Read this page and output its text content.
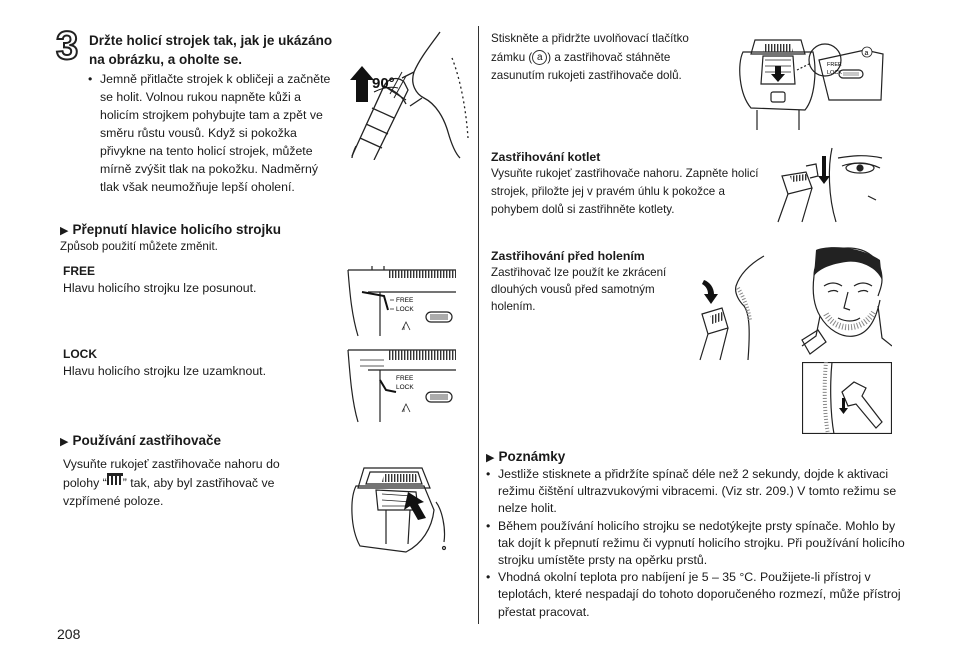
3 Držte holicí strojek tak, jak je ukázáno na obrázku, a oholte se.
• Jemně přitlačte strojek k obličeji a začněte se holit. Volnou rukou napněte kůži a holicím strojkem pohybujte tam a zpět ve směru růstu vousů. Když si pokožka přivykne na tento holicí strojek, můžete mírně zvýšit tlak na pokožku. Nadměrný tlak však neumožňuje lepší oholení.
90°
▶ Přepnutí hlavice holicího strojku
Způsob použití můžete změnit.
FREE
Hlavu holicího strojku lze posunout.
LOCK
Hlavu holicího strojku lze uzamknout.
FREE
LOCK
FREE
LOCK
▶ Používání zastřihovače
Vysuňte rukojeť zastřihovače nahoru do polohy “ ” tak, aby byl zastřihovač ve vzpřímené poloze.
208
Stiskněte a přidržte uvolňovací tlačítko zámku ( a ) a zastřihovač stáhněte zasunutím rukojeti zastřihovače dolů.
a
FREE
LOCK
Zastřihování kotlet
Vysuňte rukojeť zastřihovače nahoru. Zapněte holicí strojek, přiložte jej v pravém úhlu k pokožce a pohybem dolů si zastřihněte kotlety.
Zastřihování před holením
Zastřihovač lze použít ke zkrácení dlouhých vousů před samotným holením.
▶ Poznámky
• Jestliže stisknete a přidržíte spínač déle než 2 sekundy, dojde k aktivaci režimu čištění ultrazvukovými vibracemi. (Viz str. 209.) V tomto režimu se nelze holit.
• Během používání holicího strojku se nedotýkejte prsty spínače. Mohlo by tak dojít k přepnutí režimu či vypnutí holicího strojku. Při používání holicího strojku umístěte prsty na opěrku prstů.
• Vhodná okolní teplota pro nabíjení je 5 – 35 °C. Použijete-li přístroj v teplotách, které nespadají do tohoto doporučeného rozmezí, může přístroj přestat pracovat.
